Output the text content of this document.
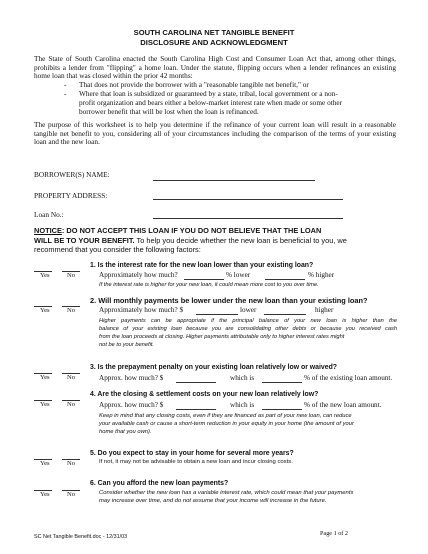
SOUTH CAROLINA NET TANGIBLE BENEFIT
DISCLOSURE AND ACKNOWLEDGMENT
The State of South Carolina enacted the South Carolina High Cost and Consumer Loan Act that, among other things, prohibits a lender from "flipping" a home loan. Under the statute, flipping occurs when a lender refinances an existing home loan that was closed within the prior 42 months:
- That does not provide the borrower with a "reasonable tangible net benefit," or
- Where that loan is subsidized or guaranteed by a state, tribal, local government or a non-
profit organization and bears either a below-market interest rate when made or some other
borrower benefit that will be lost when the loan is refinanced.
The purpose of this worksheet is to help you determine if the refinance of your current loan will result in a reasonable tangible net benefit to you, considering all of your circumstances including the comparison of the terms of your existing loan and the new loan.
BORROWER(S) NAME:
PROPERTY ADDRESS:
Loan No.:
NOTICE: DO NOT ACCEPT THIS LOAN IF YOU DO NOT BELIEVE THAT THE LOAN
WILL BE TO YOUR BENEFIT. To help you decide whether the new loan is beneficial to you, we
recommend that you consider the following factors:
Yes	No
1. Is the interest rate for the new loan lower than your existing loan?
Approximately how much?	% lower	% higher
If the interest rate is higher for your new loan, it could mean more cost to you over time.
Yes	No
2. Will monthly payments be lower under the new loan than your existing loan?
Approximately how much? $	lower	higher
Higher payments can be appropriate if the principal balance of your new loan is higher than the
balance of your existing loan because you are consolidating other debts or because you received cash
from the loan proceeds at closing. Higher payments attributable only to higher interest rates might
not be to your benefit.
Yes	No
3. Is the prepayment penalty on your existing loan relatively low or waived?
Approx. how much? $	which is	% of the existing loan amount.
Yes	No
4. Are the closing & settlement costs on your new loan relatively low?
Approx. how much? $	which is	% of the new loan amount.
Keep in mind that any closing costs, even if they are financed as part of your new loan, can reduce
your available cash or cause a short-term reduction in your equity in your home (the amount of your
home that you own).
Yes	No
5. Do you expect to stay in your home for several more years?
If not, it may not be advisable to obtain a new loan and incur closing costs.
Yes	No
6. Can you afford the new loan payments?
Consider whether the new loan has a variable interest rate, which could mean that your payments
may increase over time, and do not assume that your income will increase in the future.
SC Net Tangible Benefit.doc - 12/31/03	Page 1 of 2
